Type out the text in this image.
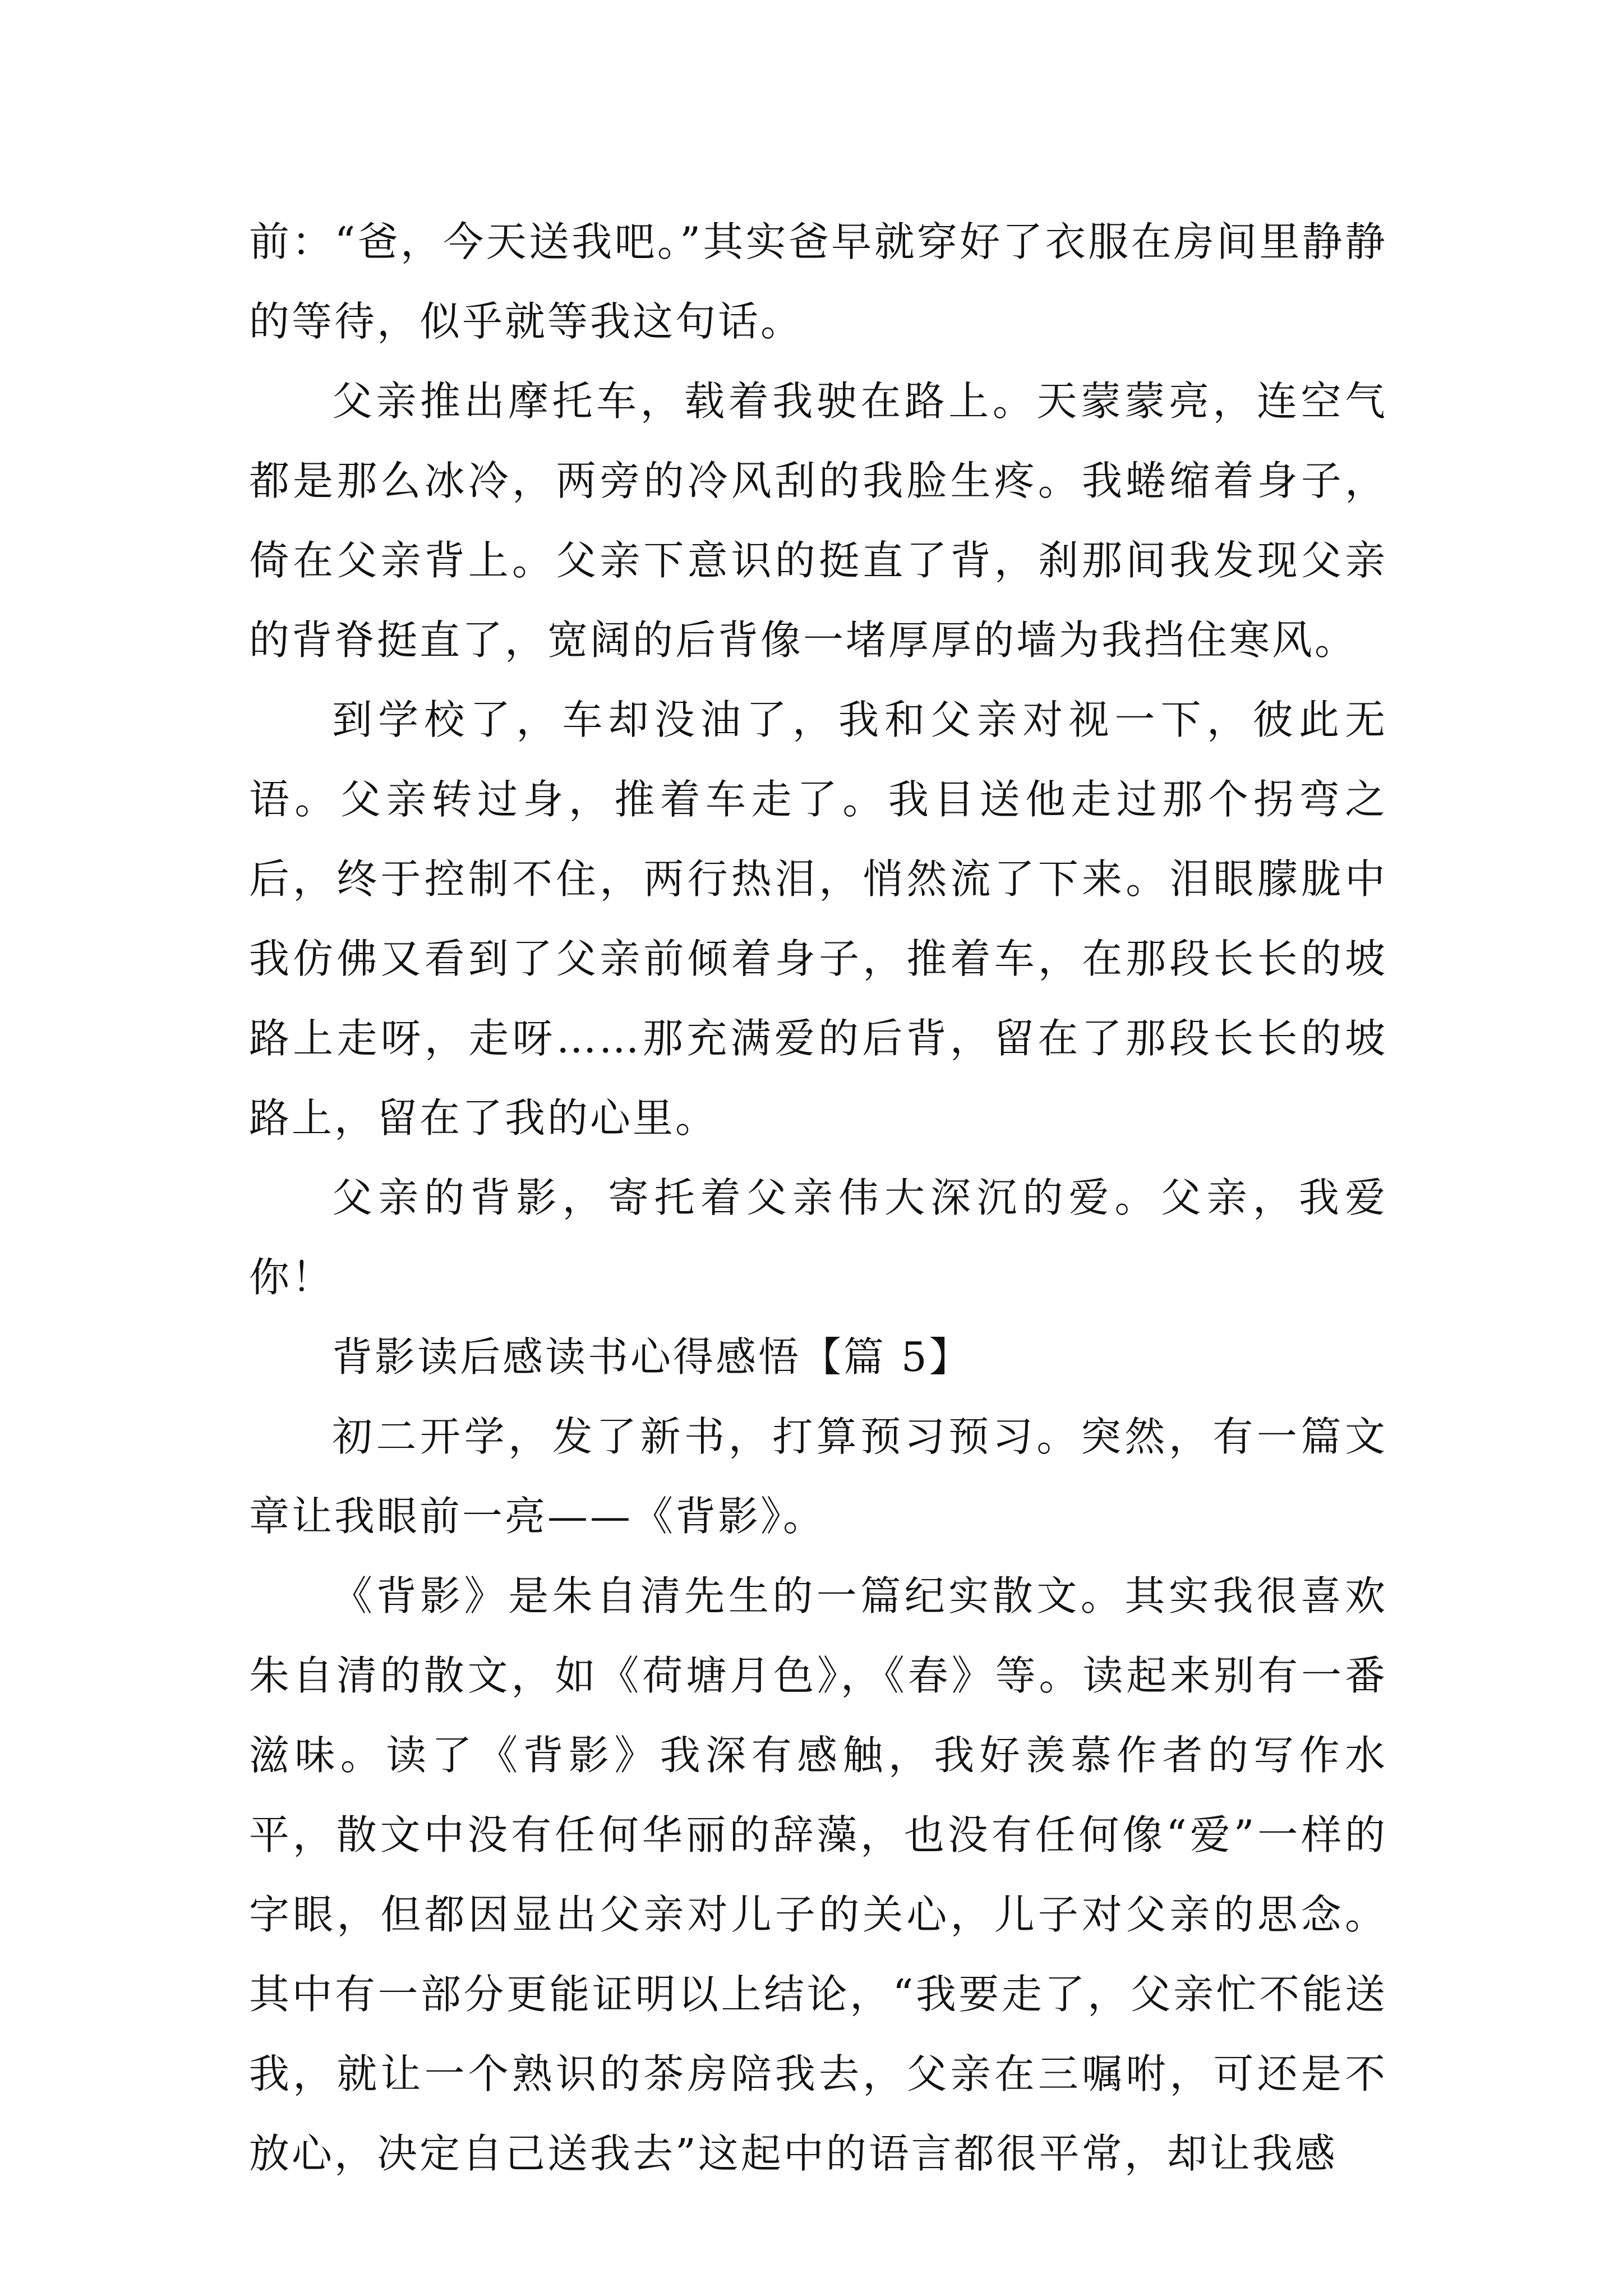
前：“爸，今天送我吧。”其实爸早就穿好了衣服在房间里静静的等待，似乎就等我这句话。

父亲推出摩托车，载着我驶在路上。天蒙蒙亮，连空气都是那么冰冷，两旁的冷风刮的我脸生疼。我蜷缩着身子，倚在父亲背上。父亲下意识的挺直了背，刹那间我发现父亲的背脊挺直了，宽阔的后背像一堵厚厚的墙为我挡住寒风。

到学校了，车却没油了，我和父亲对视一下，彼此无语。父亲转过身，推着车走了。我目送他走过那个拐弯之后，终于控制不住，两行热泪，悄然流了下来。泪眼朦胧中我仿佛又看到了父亲前倾着身子，推着车，在那段长长的坡路上走呀，走呀……那充满爱的后背，留在了那段长长的坡路上，留在了我的心里。

父亲的背影，寄托着父亲伟大深沉的爱。父亲，我爱你！

背影读后感读书心得感悟【篇 5】

初二开学，发了新书，打算预习预习。突然，有一篇文章让我眼前一亮——《背影》。

《背影》是朱自清先生的一篇纪实散文。其实我很喜欢朱自清的散文，如《荷塘月色》，《春》等。读起来别有一番滋味。读了《背影》我深有感触，我好羡慕作者的写作水平，散文中没有任何华丽的辞藻，也没有任何像“爱”一样的字眼，但都因显出父亲对儿子的关心，儿子对父亲的思念。其中有一部分更能证明以上结论，“我要走了，父亲忙不能送我，就让一个熟识的茶房陪我去，父亲在三嘱咐，可还是不放心，决定自己送我去”这起中的语言都很平常，却让我感
